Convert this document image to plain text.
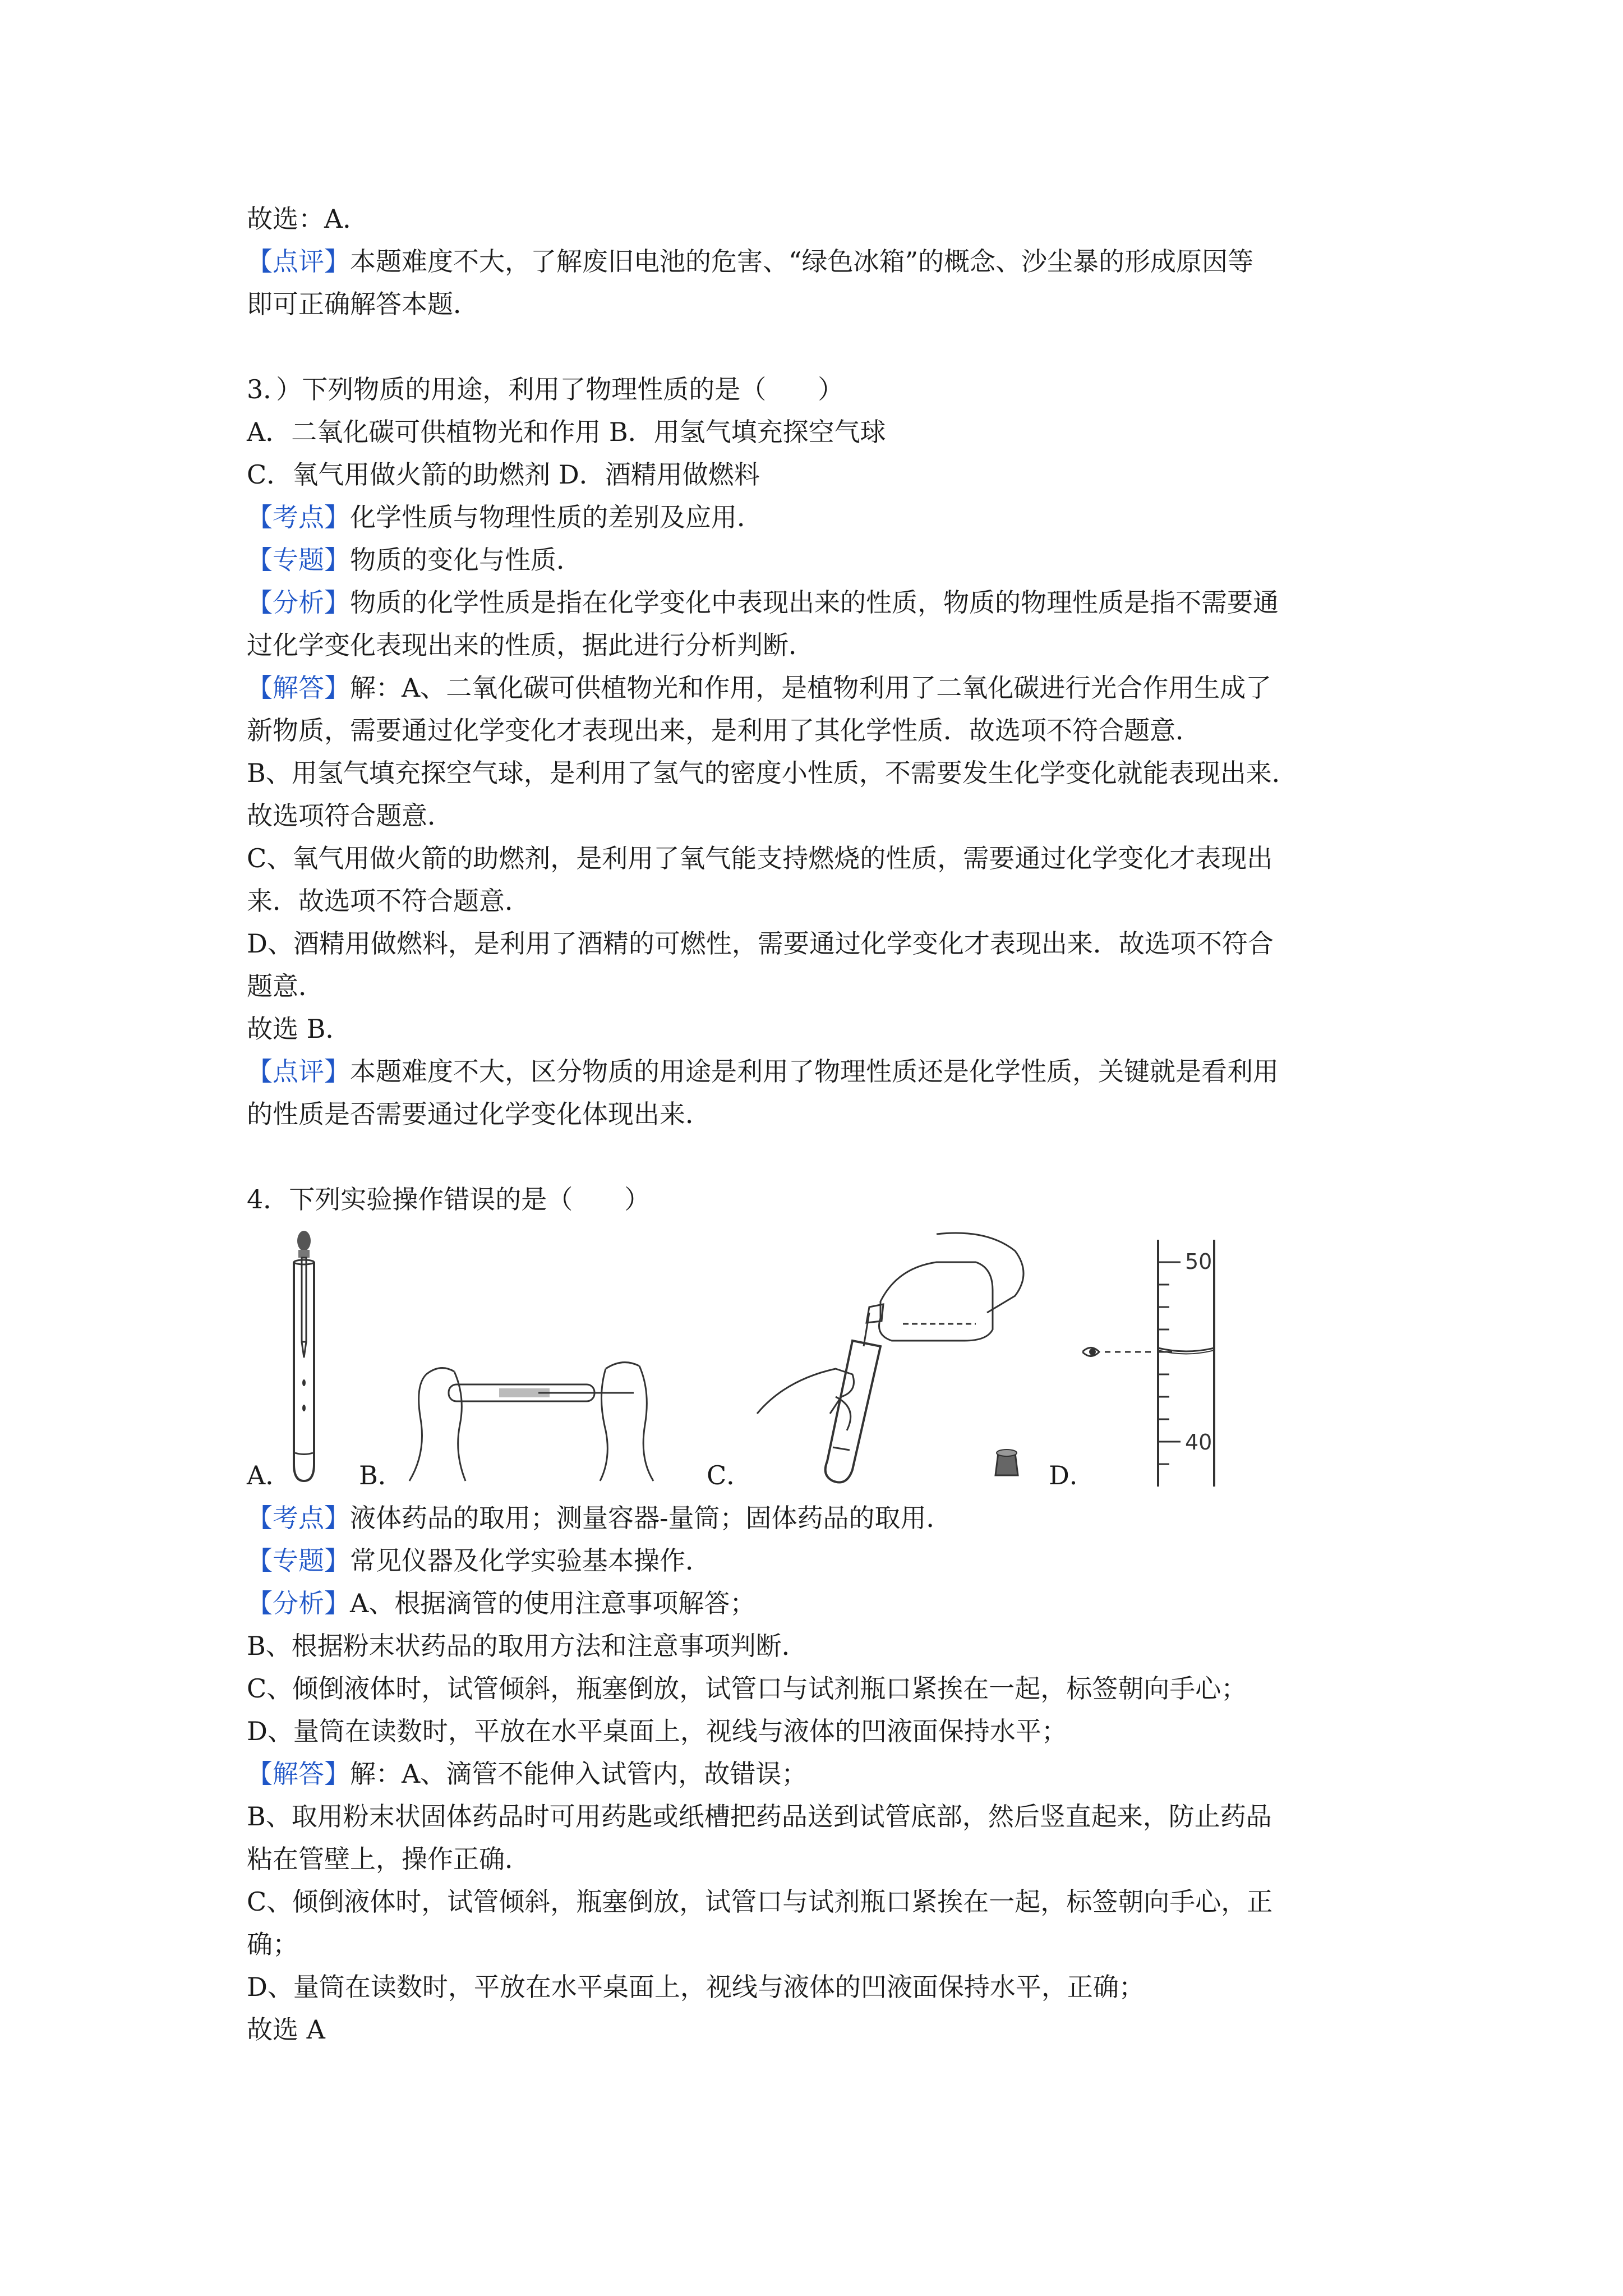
故选：A．

【点评】本题难度不大，了解废旧电池的危害、“绿色冰箱”的概念、沙尘暴的形成原因等

即可正确解答本题．

3．）下列物质的用途，利用了物理性质的是（　　）

A．二氧化碳可供植物光和作用 B．用氢气填充探空气球

C．氧气用做火箭的助燃剂 D．酒精用做燃料

【考点】化学性质与物理性质的差别及应用．

【专题】物质的变化与性质．

【分析】物质的化学性质是指在化学变化中表现出来的性质，物质的物理性质是指不需要通

过化学变化表现出来的性质，据此进行分析判断．

【解答】解：A、二氧化碳可供植物光和作用，是植物利用了二氧化碳进行光合作用生成了

新物质，需要通过化学变化才表现出来，是利用了其化学性质．故选项不符合题意．

B、用氢气填充探空气球，是利用了氢气的密度小性质，不需要发生化学变化就能表现出来．

故选项符合题意．

C、氧气用做火箭的助燃剂，是利用了氧气能支持燃烧的性质，需要通过化学变化才表现出

来．故选项不符合题意．

D、酒精用做燃料，是利用了酒精的可燃性，需要通过化学变化才表现出来．故选项不符合

题意．

故选 B．

【点评】本题难度不大，区分物质的用途是利用了物理性质还是化学性质，关键就是看利用

的性质是否需要通过化学变化体现出来．

4．下列实验操作错误的是（　　）

A．	B．	C．	D．
50
40

【考点】液体药品的取用；测量容器-量筒；固体药品的取用．

【专题】常见仪器及化学实验基本操作．

【分析】A、根据滴管的使用注意事项解答；

B、根据粉末状药品的取用方法和注意事项判断．

C、倾倒液体时，试管倾斜，瓶塞倒放，试管口与试剂瓶口紧挨在一起，标签朝向手心；

D、量筒在读数时，平放在水平桌面上，视线与液体的凹液面保持水平；

【解答】解：A、滴管不能伸入试管内，故错误；

B、取用粉末状固体药品时可用药匙或纸槽把药品送到试管底部，然后竖直起来，防止药品

粘在管壁上，操作正确．

C、倾倒液体时，试管倾斜，瓶塞倒放，试管口与试剂瓶口紧挨在一起，标签朝向手心，正

确；

D、量筒在读数时，平放在水平桌面上，视线与液体的凹液面保持水平，正确；

故选 A
